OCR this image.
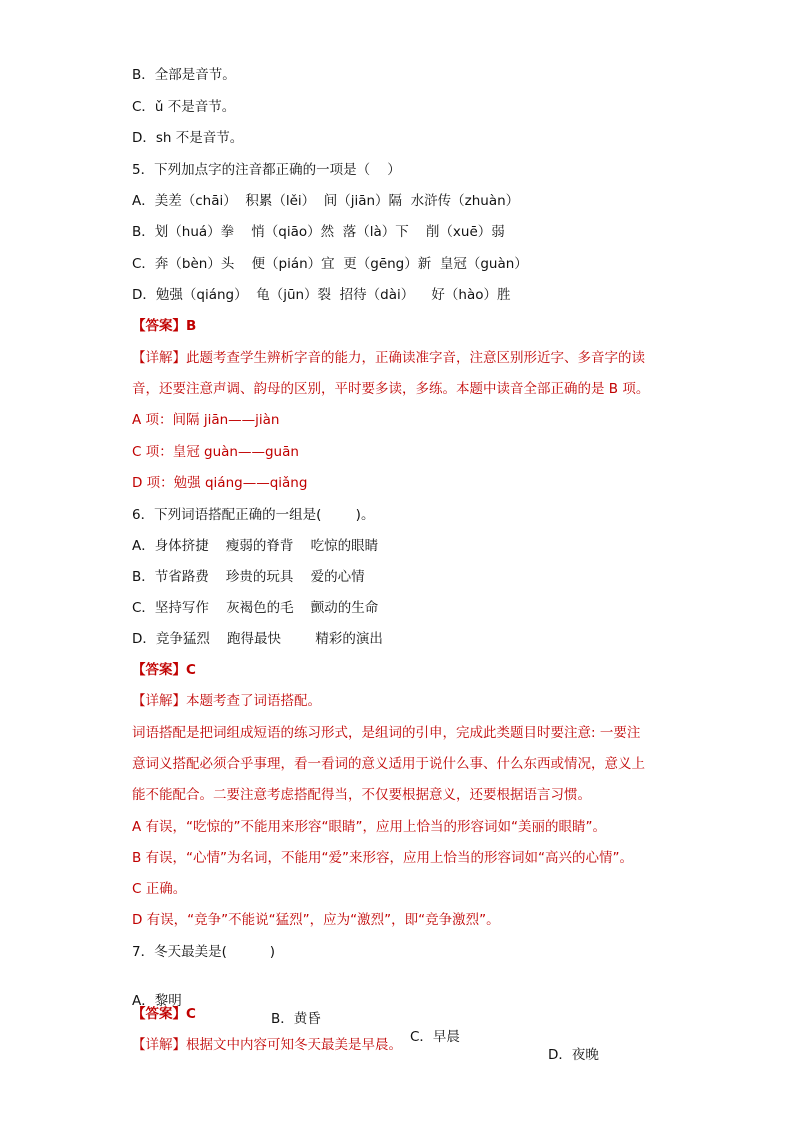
B．全部是音节。
C．ǔ 不是音节。
D．sh 不是音节。
5．下列加点字的注音都正确的一项是（    ）
A．美差（chāi）  积累（lěi）  间（jiān）隔  水浒传（zhuàn）
B．划（huá）拳    悄（qiāo）然  落（là）下    削（xuē）弱
C．奔（bèn）头    便（pián）宜  更（gēng）新  皇冠（guàn）
D．勉强（qiáng）  龟（jūn）裂  招待（dài）    好（hào）胜
【答案】B
【详解】此题考查学生辨析字音的能力，正确读准字音，注意区别形近字、多音字的读
音，还要注意声调、韵母的区别，平时要多读，多练。本题中读音全部正确的是 B 项。
A 项：间隔 jiān——jiàn
C 项：皇冠 guàn——guān
D 项：勉强 qiáng——qiǎng
6．下列词语搭配正确的一组是(        )。
A．身体挤捷    瘦弱的脊背    吃惊的眼睛
B．节省路费    珍贵的玩具    爱的心情
C．坚持写作    灰褐色的毛    颤动的生命
D．竞争猛烈    跑得最快        精彩的演出
【答案】C
【详解】本题考查了词语搭配。
词语搭配是把词组成短语的练习形式，是组词的引申，完成此类题目时要注意: 一要注
意词义搭配必须合乎事理，看一看词的意义适用于说什么事、什么东西或情况，意义上
能不能配合。二要注意考虑搭配得当，不仅要根据意义，还要根据语言习惯。
A 有误，“吃惊的”不能用来形容“眼睛”，应用上恰当的形容词如“美丽的眼睛”。
B 有误，“心情”为名词，不能用“爱”来形容，应用上恰当的形容词如“高兴的心情”。
C 正确。
D 有误，“竞争”不能说“猛烈”，应为“激烈”，即“竞争激烈”。
7．冬天最美是(          )

A．黎明

B．黄昏

C．早晨

D．夜晚

【答案】C
【详解】根据文中内容可知冬天最美是早晨。
